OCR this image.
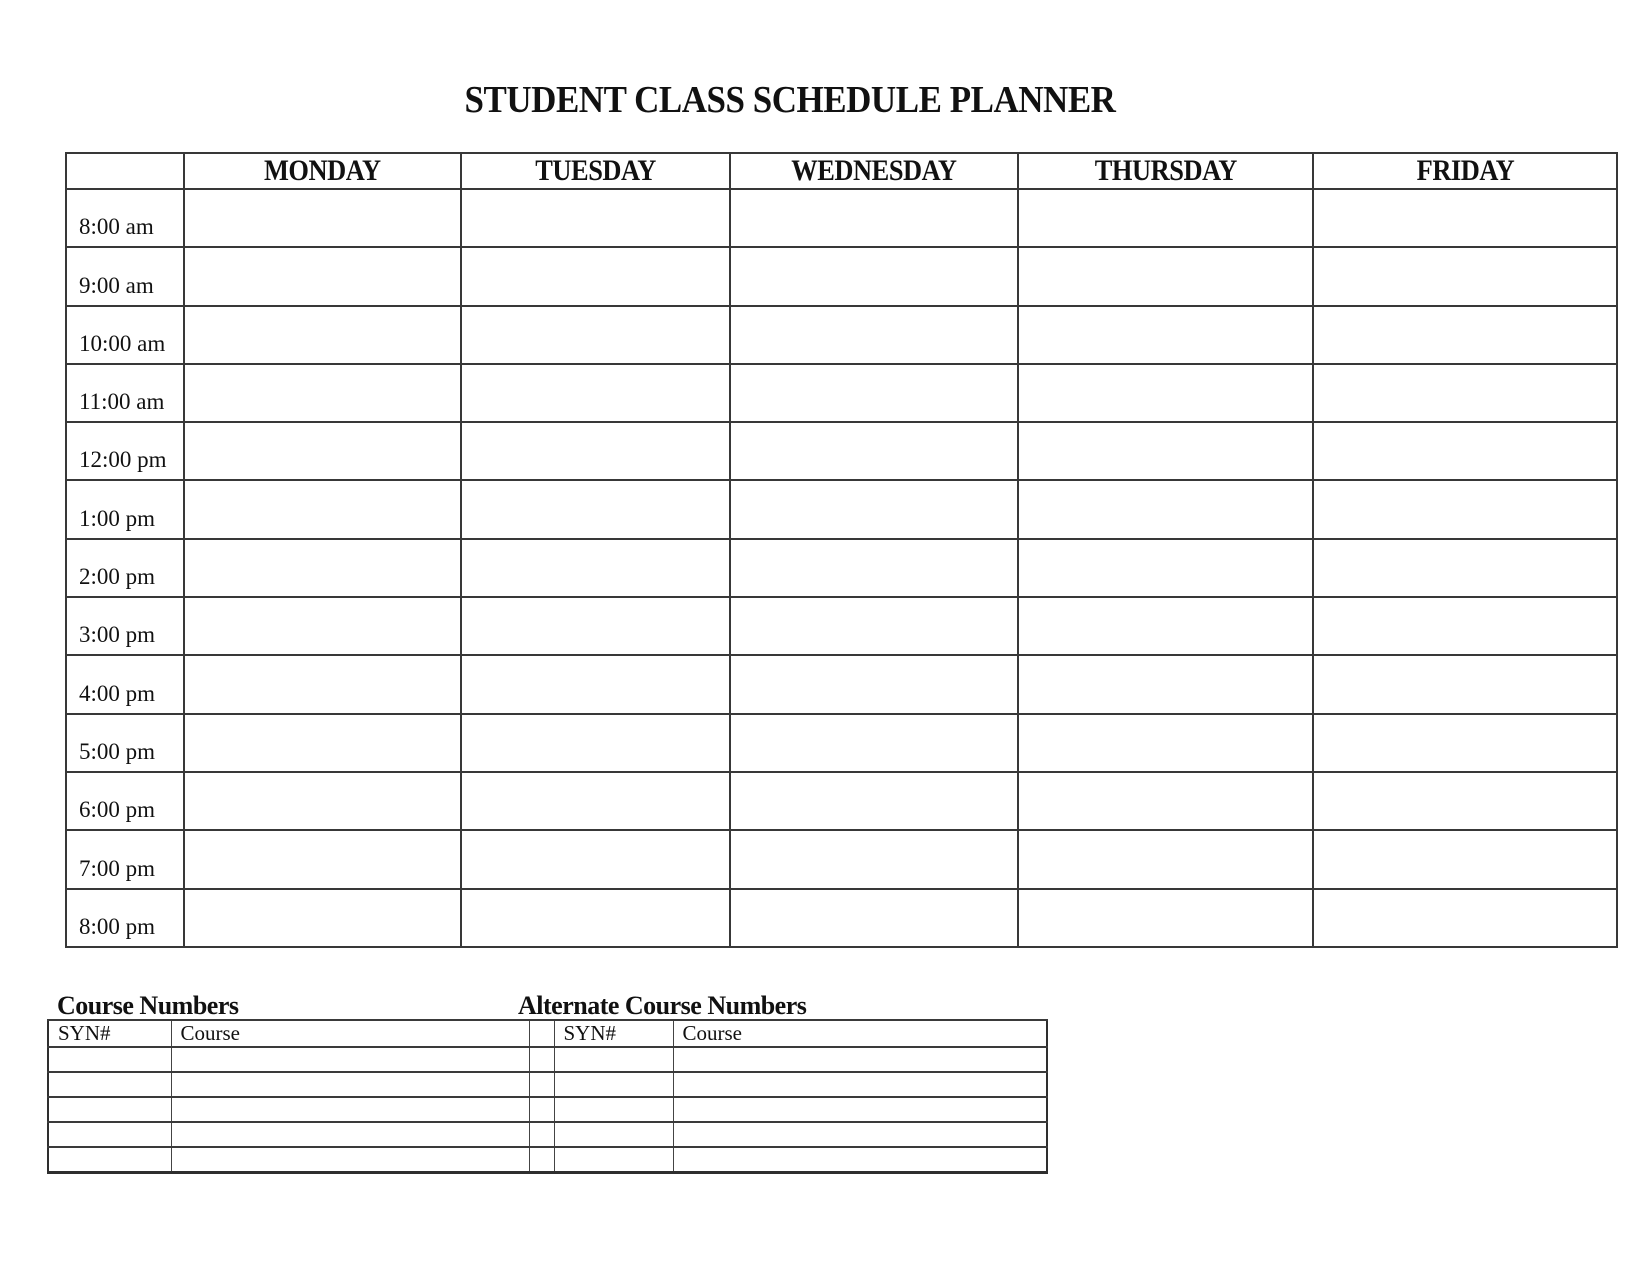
STUDENT CLASS SCHEDULE PLANNER
	MONDAY	TUESDAY	WEDNESDAY	THURSDAY	FRIDAY
8:00 am					
9:00 am					
10:00 am					
11:00 am					
12:00 pm					
1:00 pm					
2:00 pm					
3:00 pm					
4:00 pm					
5:00 pm					
6:00 pm					
7:00 pm					
8:00 pm					
Course Numbers	Alternate Course Numbers
SYN#	Course		SYN#	Course
